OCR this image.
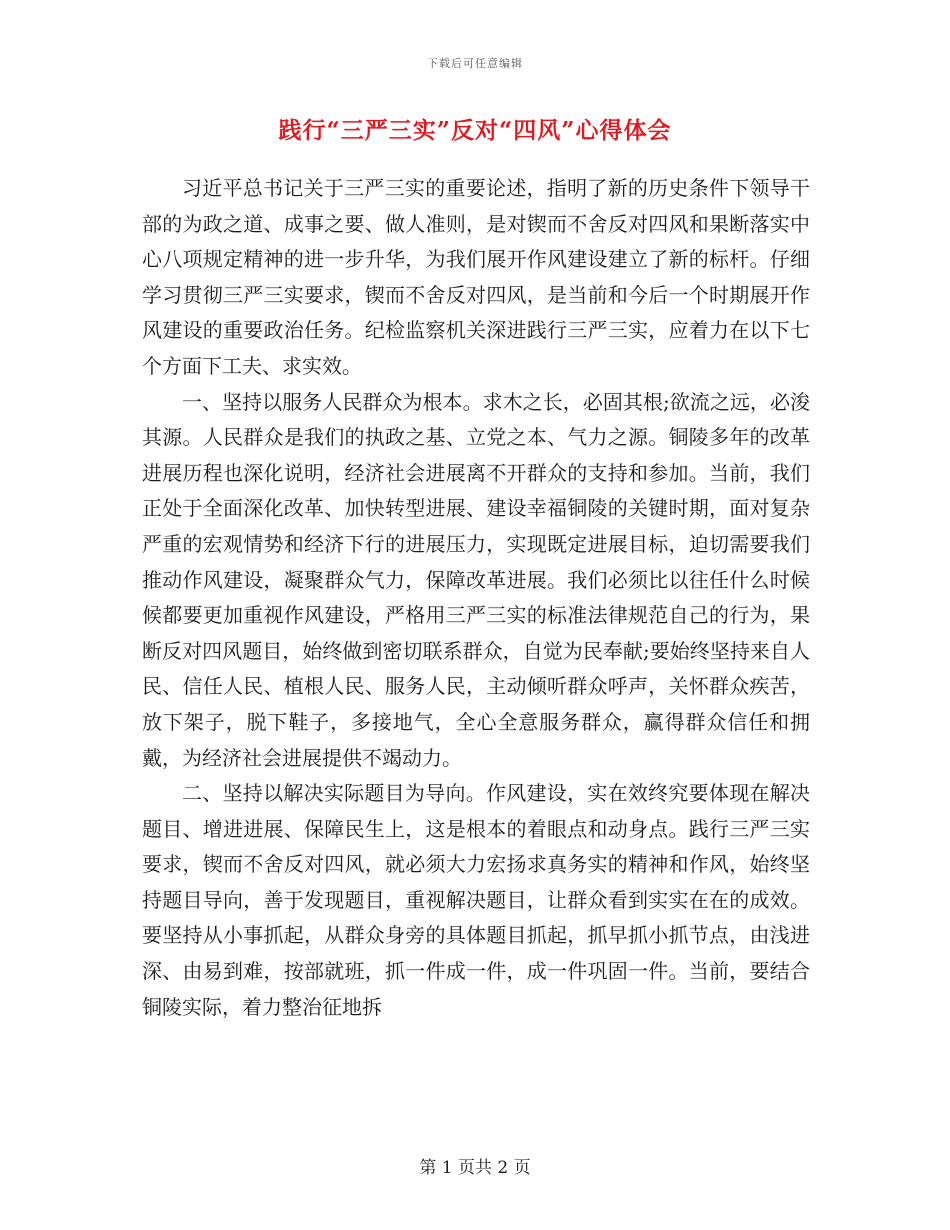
下载后可任意编辑
践行“三严三实”反对“四风”心得体会

习近平总书记关于三严三实的重要论述，指明了新的历史条件下领导干部的为政之道、成事之要、做人准则，是对锲而不舍反对四风和果断落实中心八项规定精神的进一步升华，为我们展开作风建设建立了新的标杆。仔细学习贯彻三严三实要求，锲而不舍反对四风，是当前和今后一个时期展开作风建设的重要政治任务。纪检监察机关深进践行三严三实，应着力在以下七个方面下工夫、求实效。

一、坚持以服务人民群众为根本。求木之长，必固其根;欲流之远，必浚其源。人民群众是我们的执政之基、立党之本、气力之源。铜陵多年的改革进展历程也深化说明，经济社会进展离不开群众的支持和参加。当前，我们正处于全面深化改革、加快转型进展、建设幸福铜陵的关键时期，面对复杂严重的宏观情势和经济下行的进展压力，实现既定进展目标，迫切需要我们推动作风建设，凝聚群众气力，保障改革进展。我们必须比以往任什么时候候都要更加重视作风建设，严格用三严三实的标准法律规范自己的行为，果断反对四风题目，始终做到密切联系群众，自觉为民奉献;要始终坚持来自人民、信任人民、植根人民、服务人民，主动倾听群众呼声，关怀群众疾苦，放下架子，脱下鞋子，多接地气，全心全意服务群众，赢得群众信任和拥戴，为经济社会进展提供不竭动力。

二、坚持以解决实际题目为导向。作风建设，实在效终究要体现在解决题目、增进进展、保障民生上，这是根本的着眼点和动身点。践行三严三实要求，锲而不舍反对四风，就必须大力宏扬求真务实的精神和作风，始终坚持题目导向，善于发现题目，重视解决题目，让群众看到实实在在的成效。要坚持从小事抓起，从群众身旁的具体题目抓起，抓早抓小抓节点，由浅进深、由易到难，按部就班，抓一件成一件，成一件巩固一件。当前，要结合铜陵实际，着力整治征地拆

第 1 页共 2 页
